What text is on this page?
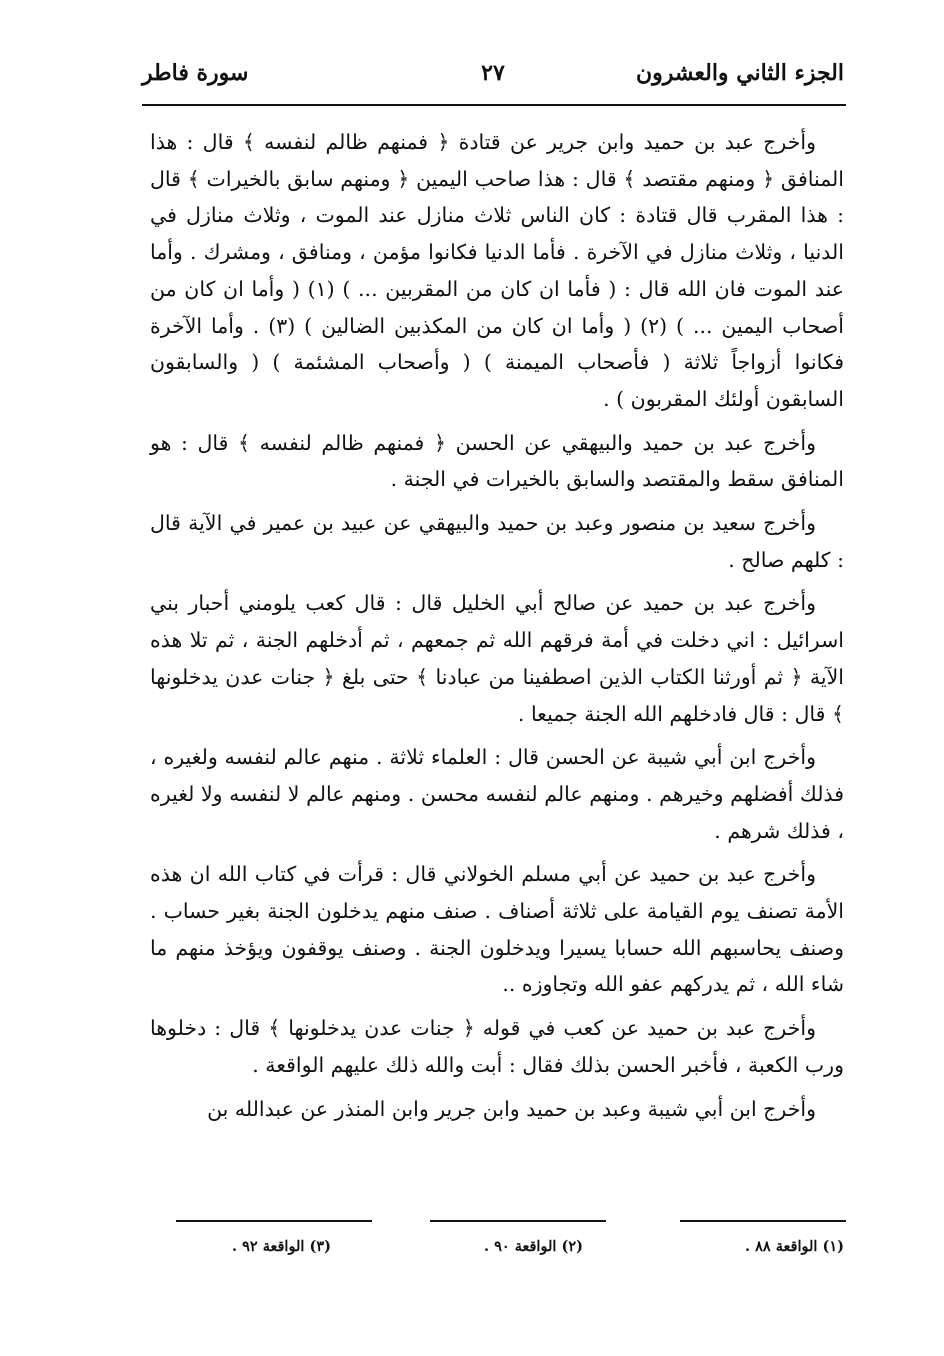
الجزء الثاني والعشرون
٢٧
سورة فاطر

وأخرج عبد بن حميد وابن جرير عن قتادة ﴿ فمنهم ظالم لنفسه ﴾ قال : هذا المنافق ﴿ ومنهم مقتصد ﴾ قال : هذا صاحب اليمين ﴿ ومنهم سابق بالخيرات ﴾ قال : هذا المقرب قال قتادة : كان الناس ثلاث منازل عند الموت ، وثلاث منازل في الدنيا ، وثلاث منازل في الآخرة . فأما الدنيا فكانوا مؤمن ، ومنافق ، ومشرك . وأما عند الموت فان الله قال : ( فأما ان كان من المقربين ... ) (١) ( وأما ان كان من أصحاب اليمين ... ) (٢) ( وأما ان كان من المكذبين الضالين ) (٣) . وأما الآخرة فكانوا أزواجاً ثلاثة ( فأصحاب الميمنة ) ( وأصحاب المشئمة ) ( والسابقون السابقون أولئك المقربون ) .

وأخرج عبد بن حميد والبيهقي عن الحسن ﴿ فمنهم ظالم لنفسه ﴾ قال : هو المنافق سقط والمقتصد والسابق بالخيرات في الجنة .

وأخرج سعيد بن منصور وعبد بن حميد والبيهقي عن عبيد بن عمير في الآية قال : كلهم صالح .

وأخرج عبد بن حميد عن صالح أبي الخليل قال : قال كعب يلومني أحبار بني اسرائيل : اني دخلت في أمة فرقهم الله ثم جمعهم ، ثم أدخلهم الجنة ، ثم تلا هذه الآية ﴿ ثم أورثنا الكتاب الذين اصطفينا من عبادنا ﴾ حتى بلغ ﴿ جنات عدن يدخلونها ﴾ قال : قال فادخلهم الله الجنة جميعا .

وأخرج ابن أبي شيبة عن الحسن قال : العلماء ثلاثة . منهم عالم لنفسه ولغيره ، فذلك أفضلهم وخيرهم . ومنهم عالم لنفسه محسن . ومنهم عالم لا لنفسه ولا لغيره ، فذلك شرهم .

وأخرج عبد بن حميد عن أبي مسلم الخولاني قال : قرأت في كتاب الله ان هذه الأمة تصنف يوم القيامة على ثلاثة أصناف . صنف منهم يدخلون الجنة بغير حساب . وصنف يحاسبهم الله حسابا يسيرا ويدخلون الجنة . وصنف يوقفون ويؤخذ منهم ما شاء الله ، ثم يدركهم عفو الله وتجاوزه ..

وأخرج عبد بن حميد عن كعب في قوله ﴿ جنات عدن يدخلونها ﴾ قال : دخلوها ورب الكعبة ، فأخبر الحسن بذلك فقال : أبت والله ذلك عليهم الواقعة .

وأخرج ابن أبي شيبة وعبد بن حميد وابن جرير وابن المنذر عن عبدالله بن

(١) الواقعة ٨٨ .
(٢) الواقعة ٩٠ .
(٣) الواقعة ٩٢ .
